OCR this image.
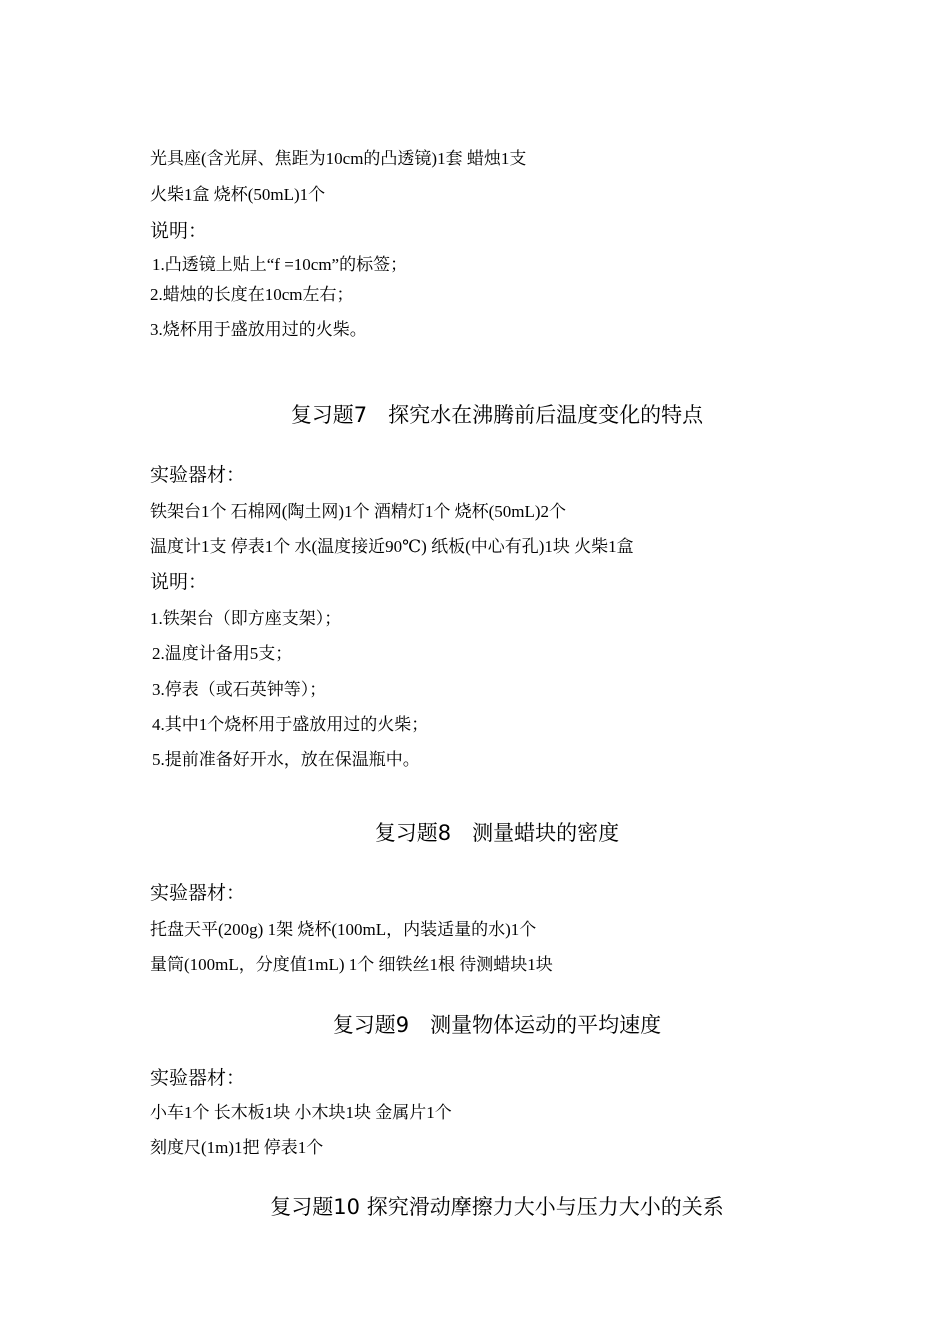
光具座(含光屏、焦距为10cm的凸透镜)1套 蜡烛1支
火柴1盒 烧杯(50mL)1个
说明：
1.凸透镜上贴上“f =10cm”的标签；
2.蜡烛的长度在10cm左右；
3.烧杯用于盛放用过的火柴。
复习题7　探究水在沸腾前后温度变化的特点
实验器材：
铁架台1个 石棉网(陶土网)1个 酒精灯1个 烧杯(50mL)2个
温度计1支 停表1个 水(温度接近90℃) 纸板(中心有孔)1块 火柴1盒
说明：
1.铁架台（即方座支架）；
2.温度计备用5支；
3.停表（或石英钟等）；
4.其中1个烧杯用于盛放用过的火柴；
5.提前准备好开水，放在保温瓶中。
复习题8　测量蜡块的密度
实验器材：
托盘天平(200g) 1架 烧杯(100mL，内装适量的水)1个
量筒(100mL，分度值1mL) 1个 细铁丝1根 待测蜡块1块
复习题9　测量物体运动的平均速度
实验器材：
小车1个 长木板1块 小木块1块 金属片1个
刻度尺(1m)1把 停表1个
复习题10 探究滑动摩擦力大小与压力大小的关系
